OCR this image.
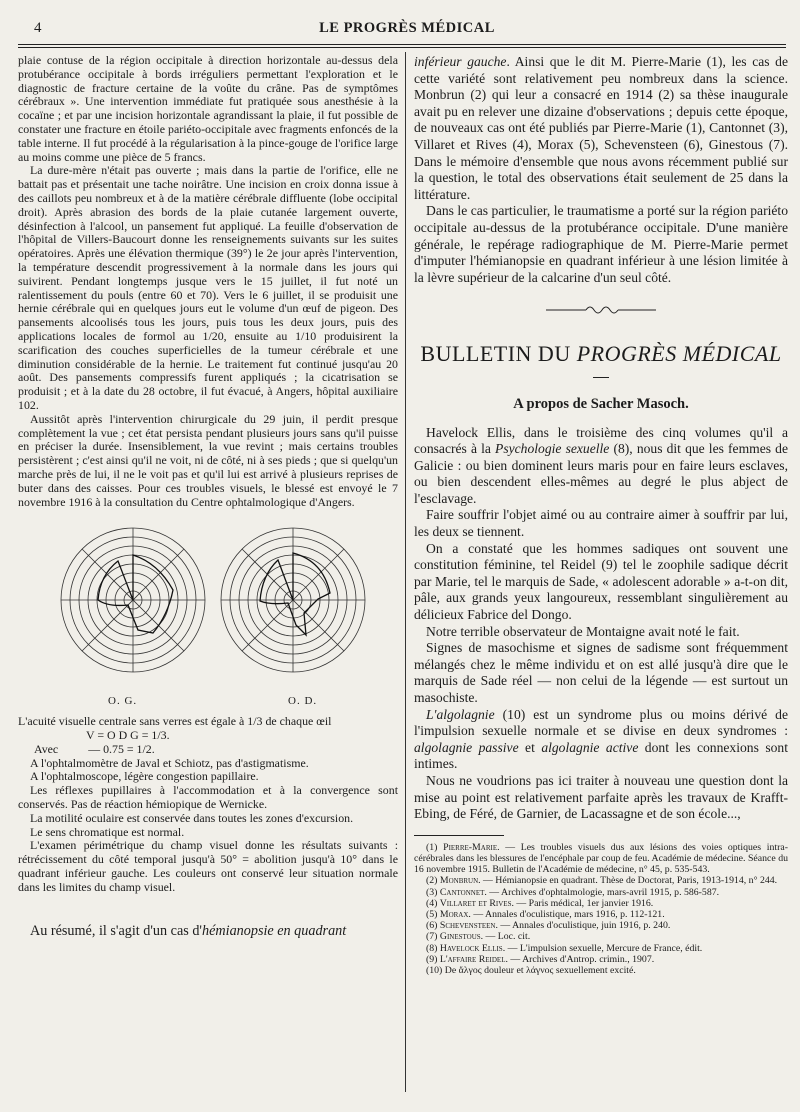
4	LE PROGRÈS MÉDICAL

plaie contuse de la région occipitale à direction horizontale au-dessus dela protubérance occipitale à bords irréguliers permettant l'exploration et le diagnostic de fracture certaine de la voûte du crâne. Pas de symptômes cérébraux ». Une intervention immédiate fut pratiquée sous anesthésie à la cocaïne ; et par une incision horizontale agrandissant la plaie, il fut possible de constater une fracture en étoile pariéto-occipitale avec fragments enfoncés de la table interne. Il fut procédé à la régularisation à la pince-gouge de l'orifice large au moins comme une pièce de 5 francs.

La dure-mère n'était pas ouverte ; mais dans la partie de l'orifice, elle ne battait pas et présentait une tache noirâtre. Une incision en croix donna issue à des caillots peu nombreux et à de la matière cérébrale diffluente (lobe occipital droit). Après abrasion des bords de la plaie cutanée largement ouverte, désinfection à l'alcool, un pansement fut appliqué. La feuille d'observation de l'hôpital de Villers-Baucourt donne les renseignements suivants sur les suites opératoires. Après une élévation thermique (39°) le 2e jour après l'intervention, la température descendit progressivement à la normale dans les jours qui suivirent. Pendant longtemps jusque vers le 15 juillet, il fut noté un ralentissement du pouls (entre 60 et 70). Vers le 6 juillet, il se produisit une hernie cérébrale qui en quelques jours eut le volume d'un œuf de pigeon. Des pansements alcoolisés tous les jours, puis tous les deux jours, puis des applications locales de formol au 1/20, ensuite au 1/10 produisirent la scarification des couches superficielles de la tumeur cérébrale et une diminution considérable de la hernie. Le traitement fut continué jusqu'au 20 août. Des pansements compressifs furent appliqués ; la cicatrisation se produisit ; et à la date du 28 octobre, il fut évacué, à Angers, hôpital auxiliaire 102.

Aussitôt après l'intervention chirurgicale du 29 juin, il perdit presque complètement la vue ; cet état persista pendant plusieurs jours sans qu'il puisse en préciser la durée. Insensiblement, la vue revint ; mais certains troubles persistèrent ; c'est ainsi qu'il ne voit, ni de côté, ni à ses pieds ; que si quelqu'un marche près de lui, il ne le voit pas et qu'il lui est arrivé à plusieurs reprises de buter dans des caisses. Pour ces troubles visuels, le blessé est envoyé le 7 novembre 1916 à la consultation du Centre ophtalmologique d'Angers.

O. G.	O. D.

L'acuité visuelle centrale sans verres est égale à 1/3 de chaque œil

V = O D G = 1/3.

Avec	— 0.75 = 1/2.

A l'ophtalmomètre de Javal et Schiotz, pas d'astigmatisme.

A l'ophtalmoscope, légère congestion papillaire.

Les réflexes pupillaires à l'accommodation et à la convergence sont conservés. Pas de réaction hémiopique de Wernicke.

La motilité oculaire est conservée dans toutes les zones d'excursion.

Le sens chromatique est normal.

L'examen périmétrique du champ visuel donne les résultats suivants : rétrécissement du côté temporal jusqu'à 50° = abolition jusqu'à 10° dans le quadrant inférieur gauche. Les couleurs ont conservé leur situation normale dans les limites du champ visuel.

Au résumé, il s'agit d'un cas d'hémianopsie en quadrant

inférieur gauche. Ainsi que le dit M. Pierre-Marie (1), les cas de cette variété sont relativement peu nombreux dans la science. Monbrun (2) qui leur a consacré en 1914 (2) sa thèse inaugurale avait pu en relever une dizaine d'observations ; depuis cette époque, de nouveaux cas ont été publiés par Pierre-Marie (1), Cantonnet (3), Villaret et Rives (4), Morax (5), Schevensteen (6), Ginestous (7). Dans le mémoire d'ensemble que nous avons récemment publié sur la question, le total des observations était seulement de 25 dans la littérature.

Dans le cas particulier, le traumatisme a porté sur la région pariéto occipitale au-dessus de la protubérance occipitale. D'une manière générale, le repérage radiographique de M. Pierre-Marie permet d'imputer l'hémianopsie en quadrant inférieur à une lésion limitée à la lèvre supérieur de la calcarine d'un seul côté.

BULLETIN DU PROGRÈS MÉDICAL
A propos de Sacher Masoch.

Havelock Ellis, dans le troisième des cinq volumes qu'il a consacrés à la Psychologie sexuelle (8), nous dit que les femmes de Galicie : ou bien dominent leurs maris pour en faire leurs esclaves, ou bien descendent elles-mêmes au degré le plus abject de l'esclavage.

Faire souffrir l'objet aimé ou au contraire aimer à souffrir par lui, les deux se tiennent.

On a constaté que les hommes sadiques ont souvent une constitution féminine, tel Reidel (9) tel le zoophile sadique décrit par Marie, tel le marquis de Sade, « adolescent adorable » a-t-on dit, pâle, aux grands yeux langoureux, ressemblant singulièrement au délicieux Fabrice del Dongo.

Notre terrible observateur de Montaigne avait noté le fait.

Signes de masochisme et signes de sadisme sont fréquemment mélangés chez le même individu et on est allé jusqu'à dire que le marquis de Sade réel — non celui de la légende — est surtout un masochiste.

L'algolagnie (10) est un syndrome plus ou moins dérivé de l'impulsion sexuelle normale et se divise en deux syndromes : algolagnie passive et algolagnie active dont les connexions sont intimes.

Nous ne voudrions pas ici traiter à nouveau une question dont la mise au point est relativement parfaite après les travaux de Krafft-Ebing, de Féré, de Garnier, de Lacassagne et de son école...,

(1) Pierre-Marie. — Les troubles visuels dus aux lésions des voies optiques intra-cérébrales dans les blessures de l'encéphale par coup de feu. Académie de médecine. Séance du 16 novembre 1915. Bulletin de l'Académie de médecine, n° 45, p. 535-543.
(2) Monbrun. — Hémianopsie en quadrant. Thèse de Doctorat, Paris, 1913-1914, n° 244.
(3) Cantonnet. — Archives d'ophtalmologie, mars-avril 1915, p. 586-587.
(4) Villaret et Rives. — Paris médical, 1er janvier 1916.
(5) Morax. — Annales d'oculistique, mars 1916, p. 112-121.
(6) Schevensteen. — Annales d'oculistique, juin 1916, p. 240.
(7) Ginestous. — Loc. cit.
(8) Havelock Ellis. — L'impulsion sexuelle, Mercure de France, édit.
(9) L'affaire Reidel. — Archives d'Antrop. crimin., 1907.
(10) De ἄλγος douleur et λάγνος sexuellement excité.
